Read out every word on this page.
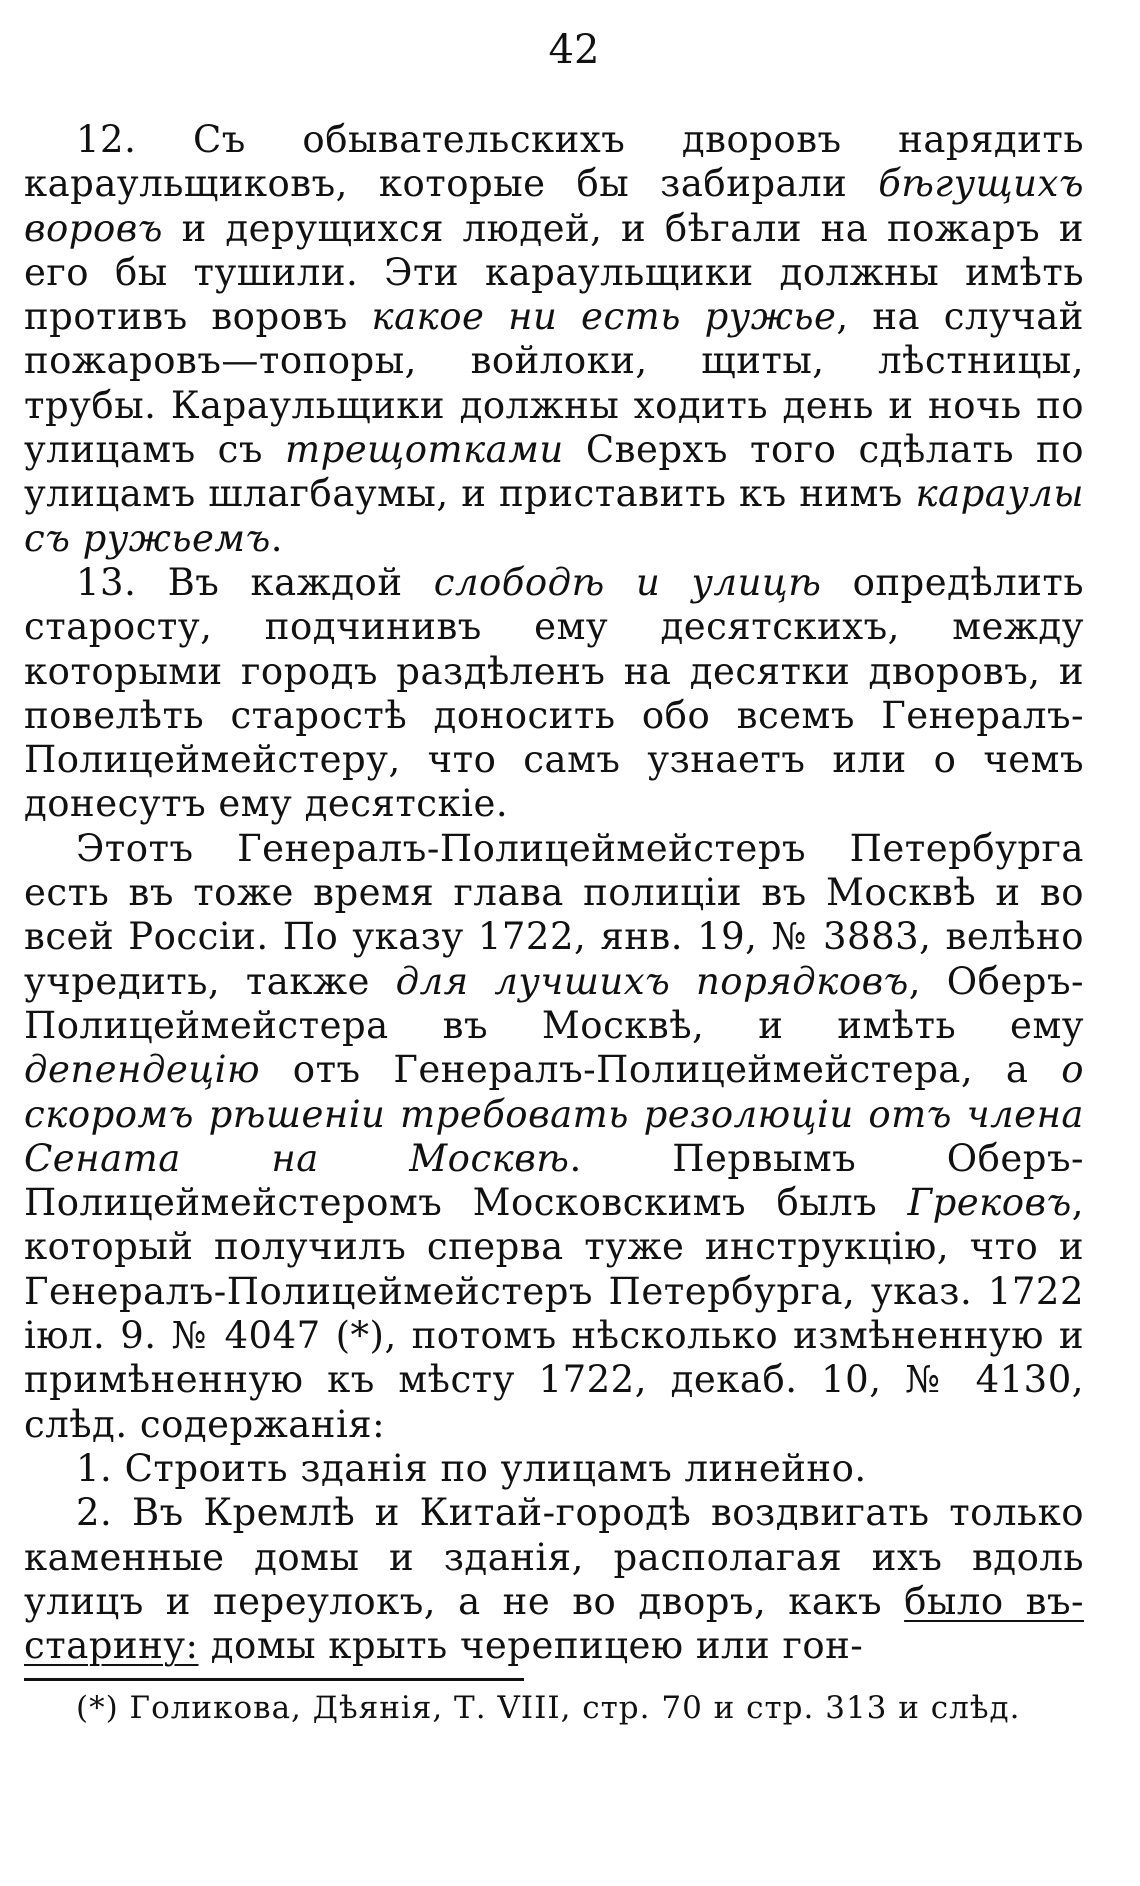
42

12. Съ обывательскихъ дворовъ нарядить караульщиковъ, которые бы забирали бѣгущихъ воровъ и дерущихся людей, и бѣгали на пожаръ и его бы тушили. Эти караульщики должны имѣть противъ воровъ какое ни есть ружье, на случай пожаровъ—топоры, войлоки, щиты, лѣстницы, трубы. Караульщики должны ходить день и ночь по улицамъ съ трещотками Сверхъ того сдѣлать по улицамъ шлагбаумы, и приставить къ нимъ караулы съ ружьемъ.

13. Въ каждой слободѣ и улицѣ опредѣлить старосту, подчинивъ ему десятскихъ, между которыми городъ раздѣленъ на десятки дворовъ, и повелѣть старостѣ доносить обо всемъ Генералъ-Полицеймейстеру, что самъ узнаетъ или о чемъ донесутъ ему десятскіе.

Этотъ Генералъ-Полицеймейстеръ Петербурга есть въ тоже время глава полиціи въ Москвѣ и во всей Россіи. По указу 1722, янв. 19, № 3883, велѣно учредить, также для лучшихъ порядковъ, Оберъ-Полицеймейстера въ Москвѣ, и имѣть ему депендецію отъ Генералъ-Полицеймейстера, а о скоромъ рѣшеніи требовать резолюціи отъ члена Сената на Москвѣ. Первымъ Оберъ-Полицеймейстеромъ Московскимъ былъ Грековъ, который получилъ сперва туже инструкцію, что и Генералъ-Полицеймейстеръ Петербурга, указ. 1722 іюл. 9. № 4047 (*), потомъ нѣсколько измѣненную и примѣненную къ мѣсту 1722, декаб. 10, № 4130, слѣд. содержанія:

1. Строить зданія по улицамъ линейно.

2. Въ Кремлѣ и Китай-городѣ воздвигать только каменные домы и зданія, располагая ихъ вдоль улицъ и переулокъ, а не во дворъ, какъ было въ-старину: домы крыть черепицею или гон-

(*) Голикова, Дѣянія, Т. VIII, стр. 70 и стр. 313 и слѣд.
